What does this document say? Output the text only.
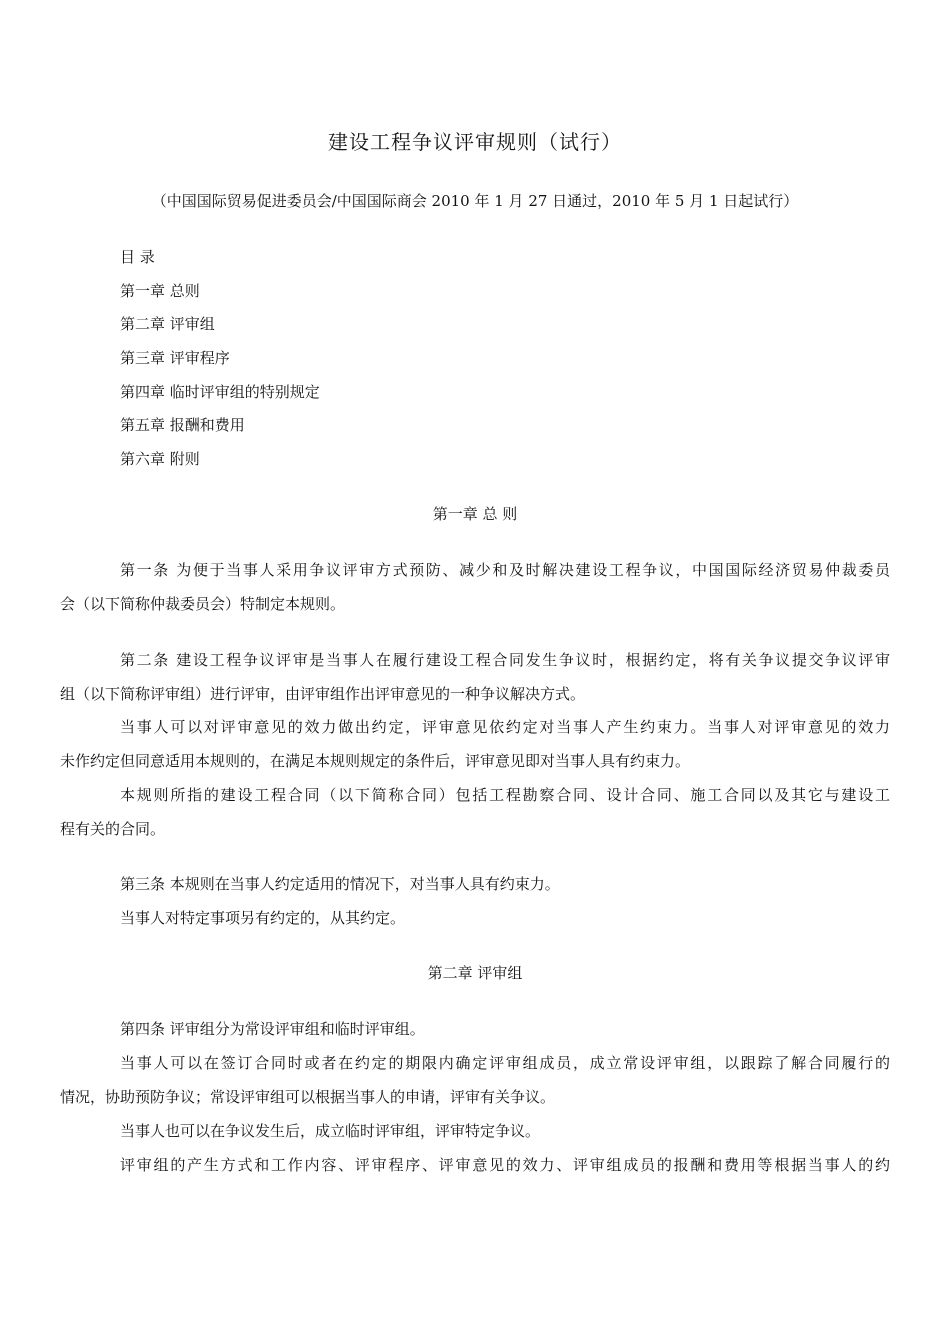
建设工程争议评审规则（试行）
（中国国际贸易促进委员会/中国国际商会 2010 年 1 月 27 日通过，2010 年 5 月 1 日起试行）
目 录
第一章 总则
第二章 评审组
第三章 评审程序
第四章 临时评审组的特别规定
第五章 报酬和费用
第六章 附则
第一章 总 则
第一条 为便于当事人采用争议评审方式预防、减少和及时解决建设工程争议，中国国际经济贸易仲裁委员
会（以下简称仲裁委员会）特制定本规则。
第二条 建设工程争议评审是当事人在履行建设工程合同发生争议时，根据约定，将有关争议提交争议评审
组（以下简称评审组）进行评审，由评审组作出评审意见的一种争议解决方式。
当事人可以对评审意见的效力做出约定，评审意见依约定对当事人产生约束力。当事人对评审意见的效力
未作约定但同意适用本规则的，在满足本规则规定的条件后，评审意见即对当事人具有约束力。
本规则所指的建设工程合同（以下简称合同）包括工程勘察合同、设计合同、施工合同以及其它与建设工
程有关的合同。
第三条 本规则在当事人约定适用的情况下，对当事人具有约束力。
当事人对特定事项另有约定的，从其约定。
第二章 评审组
第四条 评审组分为常设评审组和临时评审组。
当事人可以在签订合同时或者在约定的期限内确定评审组成员，成立常设评审组，以跟踪了解合同履行的
情况，协助预防争议；常设评审组可以根据当事人的申请，评审有关争议。
当事人也可以在争议发生后，成立临时评审组，评审特定争议。
评审组的产生方式和工作内容、评审程序、评审意见的效力、评审组成员的报酬和费用等根据当事人的约
